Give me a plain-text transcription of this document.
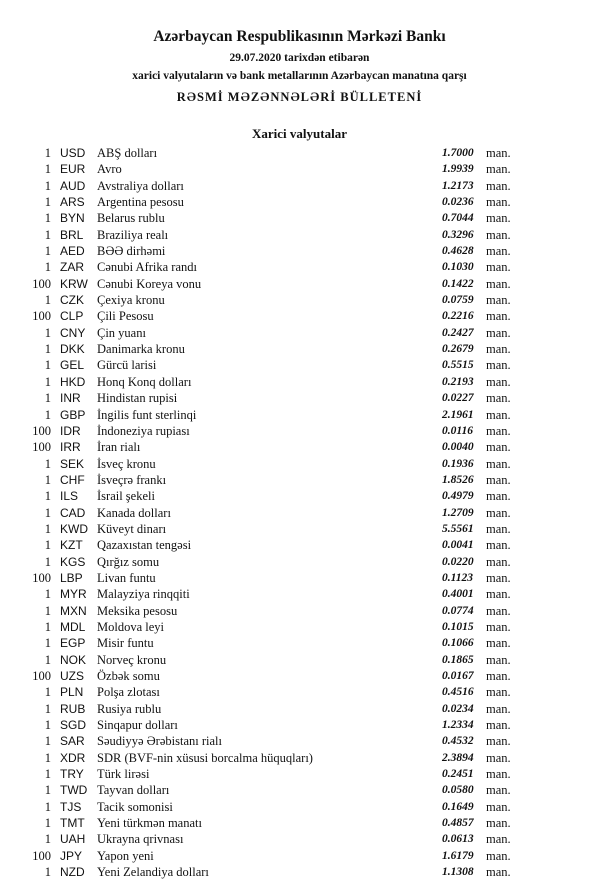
Azərbaycan Respublikasının Mərkəzi Bankı
29.07.2020 tarixdən etibarən
xarici valyutaların və bank metallarının Azərbaycan manatına qarşı
RƏSMİ MƏZƏNNƏLƏRİ BÜLLETENİ
Xarici valyutalar
1 USD ABŞ dolları	1.7000 man.
1 EUR Avro	1.9939 man.
1 AUD Avstraliya dolları	1.2173 man.
1 ARS Argentina pesosu	0.0236 man.
1 BYN Belarus rublu	0.7044 man.
1 BRL	Braziliya realı	0.3296 man.
1 AED BƏƏ dirhəmi	0.4628 man.
1 ZAR	Cənubi Afrika randı	0.1030 man.
100 KRW Cənubi Koreya vonu	0.1422 man.
1 CZK	Çexiya kronu	0.0759 man.
100 CLP	Çili Pesosu	0.2216 man.
1 CNY Çin yuanı	0.2427 man.
1 DKK Danimarka kronu	0.2679 man.
1 GEL	Gürcü larisi	0.5515 man.
1 HKD Honq Konq dolları	0.2193 man.
1 INR	Hindistan rupisi	0.0227 man.
1 GBP İngilis funt sterlinqi	2.1961 man.
100 IDR	İndoneziya rupiası	0.0116	man.
100 IRR	İran rialı	0.0040 man.
1 SEK	İsveç kronu	0.1936 man.
1 CHF İsveçrə frankı	1.8526 man.
1 ILS	İsrail şekeli	0.4979 man.
1 CAD Kanada dolları	1.2709 man.
1 KWD Küveyt dinarı	5.5561 man.
1 KZT	Qazaxıstan tengəsi	0.0041 man.
1 KGS Qırğız somu	0.0220 man.
100 LBP	Livan funtu	0.1123	man.
1 MYR Malayziya rinqqiti	0.4001 man.
1 MXN Meksika pesosu	0.0774 man.
1 MDL Moldova leyi	0.1015 man.
1 EGP Misir funtu	0.1066 man.
1 NOK Norveç kronu	0.1865 man.
100 UZS	Özbək somu	0.0167 man.
1 PLN	Polşa zlotası	0.4516 man.
1 RUB Rusiya rublu	0.0234 man.
1 SGD Sinqapur dolları	1.2334 man.
1 SAR Səudiyyə Ərəbistanı rialı	0.4532 man.
1 XDR SDR (BVF-nin xüsusi borcalma hüquqları)	2.3894 man.
1 TRY	Türk lirəsi	0.2451 man.
1 TWD Tayvan dolları	0.0580 man.
1 TJS	Tacik somonisi	0.1649 man.
1 TMT Yeni türkmən manatı	0.4857 man.
1 UAH Ukrayna qrivnası	0.0613 man.
100 JPY	Yapon yeni	1.6179 man.
1 NZD Yeni Zelandiya dolları	1.1308 man.
